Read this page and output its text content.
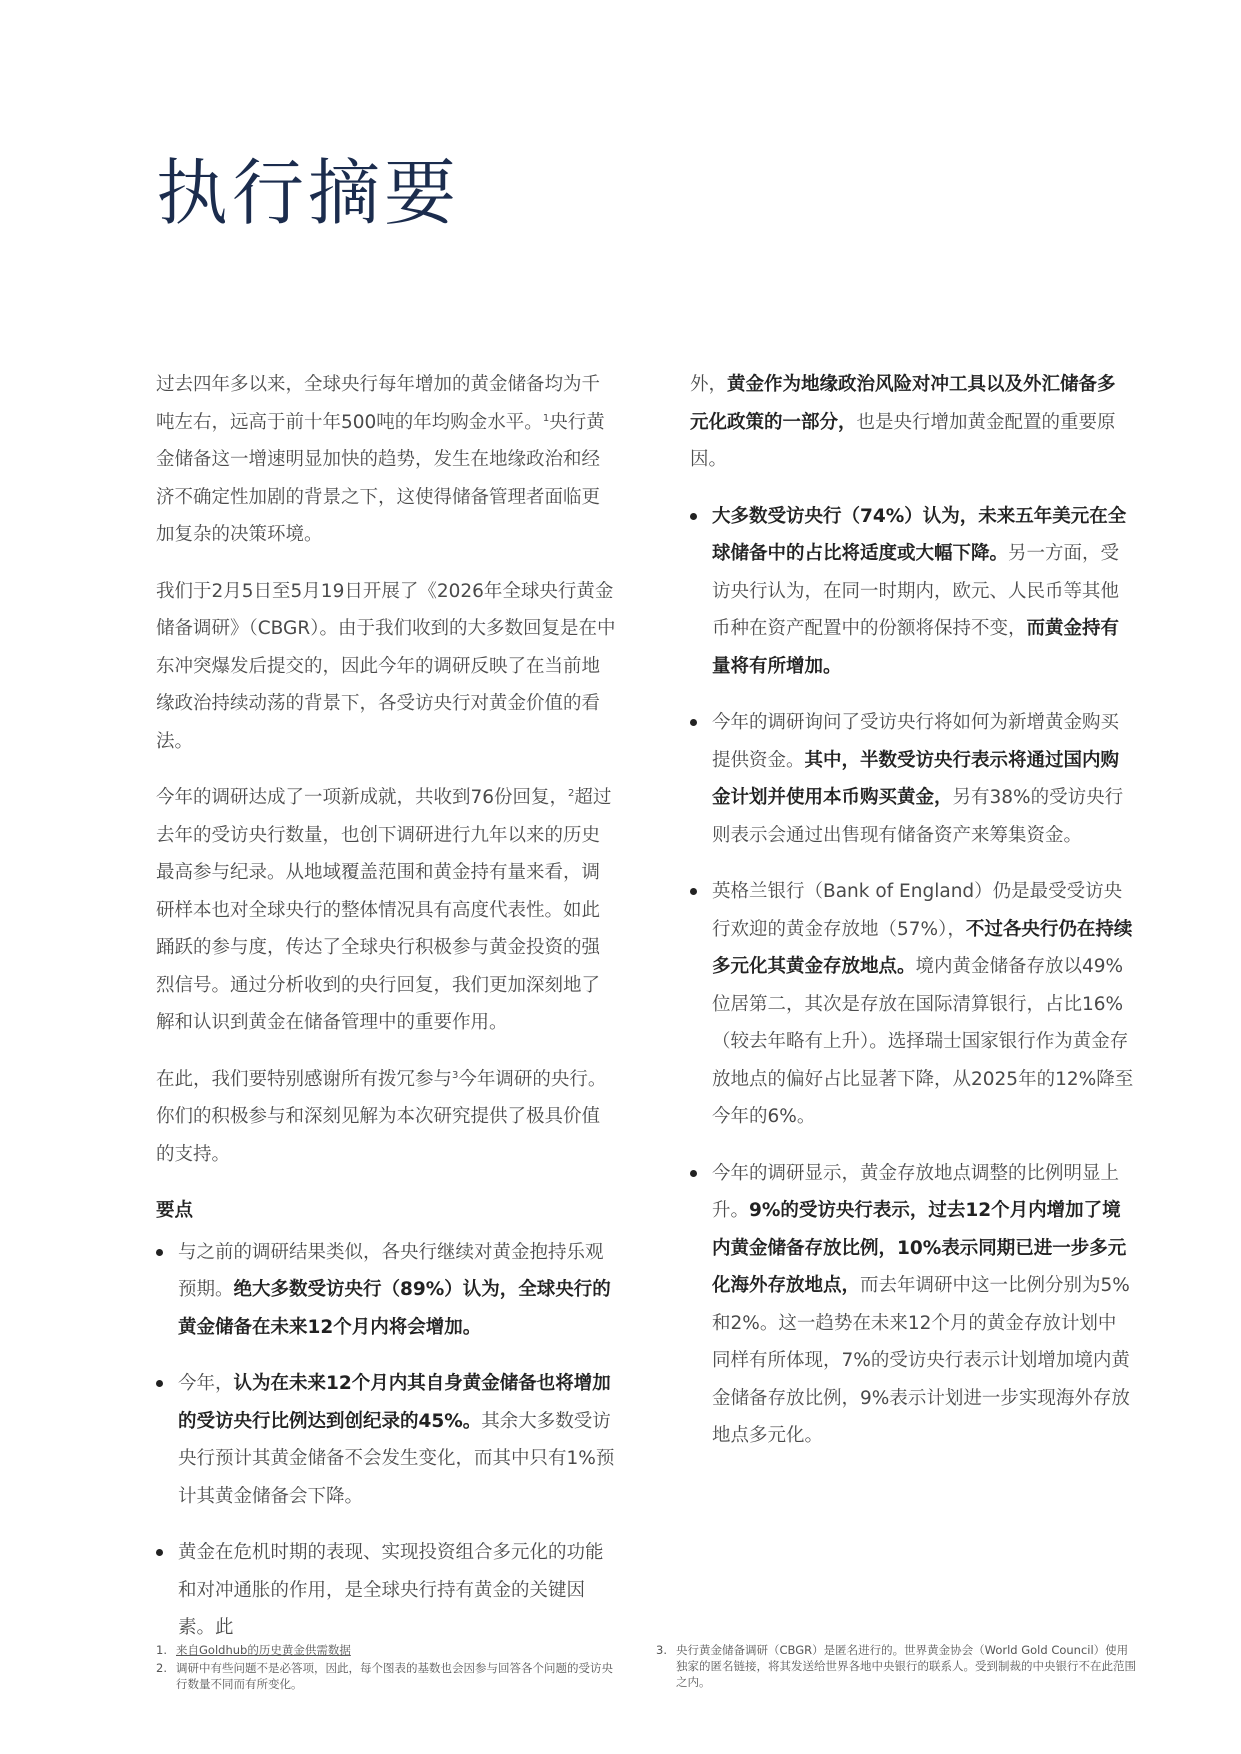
执行摘要

过去四年多以来，全球央行每年增加的黄金储备均为千吨左右，远高于前十年500吨的年均购金水平。$^1$央行黄金储备这一增速明显加快的趋势，发生在地缘政治和经济不确定性加剧的背景之下，这使得储备管理者面临更加复杂的决策环境。

我们于2月5日至5月19日开展了《2026年全球央行黄金储备调研》（CBGR）。由于我们收到的大多数回复是在中东冲突爆发后提交的，因此今年的调研反映了在当前地缘政治持续动荡的背景下，各受访央行对黄金价值的看法。

今年的调研达成了一项新成就，共收到76份回复，$^2$超过去年的受访央行数量，也创下调研进行九年以来的历史最高参与纪录。从地域覆盖范围和黄金持有量来看，调研样本也对全球央行的整体情况具有高度代表性。如此踊跃的参与度，传达了全球央行积极参与黄金投资的强烈信号。通过分析收到的央行回复，我们更加深刻地了解和认识到黄金在储备管理中的重要作用。

在此，我们要特别感谢所有拨冗参与$^3$今年调研的央行。你们的积极参与和深刻见解为本次研究提供了极具价值的支持。

要点
与之前的调研结果类似，各央行继续对黄金抱持乐观预期。绝大多数受访央行（89%）认为，全球央行的黄金储备在未来12个月内将会增加。
今年，认为在未来12个月内其自身黄金储备也将增加的受访央行比例达到创纪录的45%。其余大多数受访央行预计其黄金储备不会发生变化，而其中只有1%预计其黄金储备会下降。
黄金在危机时期的表现、实现投资组合多元化的功能和对冲通胀的作用，是全球央行持有黄金的关键因素。此
外，黄金作为地缘政治风险对冲工具以及外汇储备多元化政策的一部分，也是央行增加黄金配置的重要原因。
大多数受访央行（74%）认为，未来五年美元在全球储备中的占比将适度或大幅下降。另一方面，受访央行认为，在同一时期内，欧元、人民币等其他币种在资产配置中的份额将保持不变，而黄金持有量将有所增加。
今年的调研询问了受访央行将如何为新增黄金购买提供资金。其中，半数受访央行表示将通过国内购金计划并使用本币购买黄金，另有38%的受访央行则表示会通过出售现有储备资产来筹集资金。
英格兰银行（Bank of England）仍是最受受访央行欢迎的黄金存放地（57%），不过各央行仍在持续多元化其黄金存放地点。境内黄金储备存放以49%位居第二，其次是存放在国际清算银行，占比16%（较去年略有上升）。选择瑞士国家银行作为黄金存放地点的偏好占比显著下降，从2025年的12%降至今年的6%。
今年的调研显示，黄金存放地点调整的比例明显上升。9%的受访央行表示，过去12个月内增加了境内黄金储备存放比例，10%表示同期已进一步多元化海外存放地点，而去年调研中这一比例分别为5%和2%。这一趋势在未来12个月的黄金存放计划中同样有所体现，7%的受访央行表示计划增加境内黄金储备存放比例，9%表示计划进一步实现海外存放地点多元化。
1. 来自Goldhub的历史黄金供需数据
2. 调研中有些问题不是必答项，因此，每个图表的基数也会因参与回答各个问题的受访央行数量不同而有所变化。
3. 央行黄金储备调研（CBGR）是匿名进行的。世界黄金协会（World Gold Council）使用独家的匿名链接，将其发送给世界各地中央银行的联系人。受到制裁的中央银行不在此范围之内。
